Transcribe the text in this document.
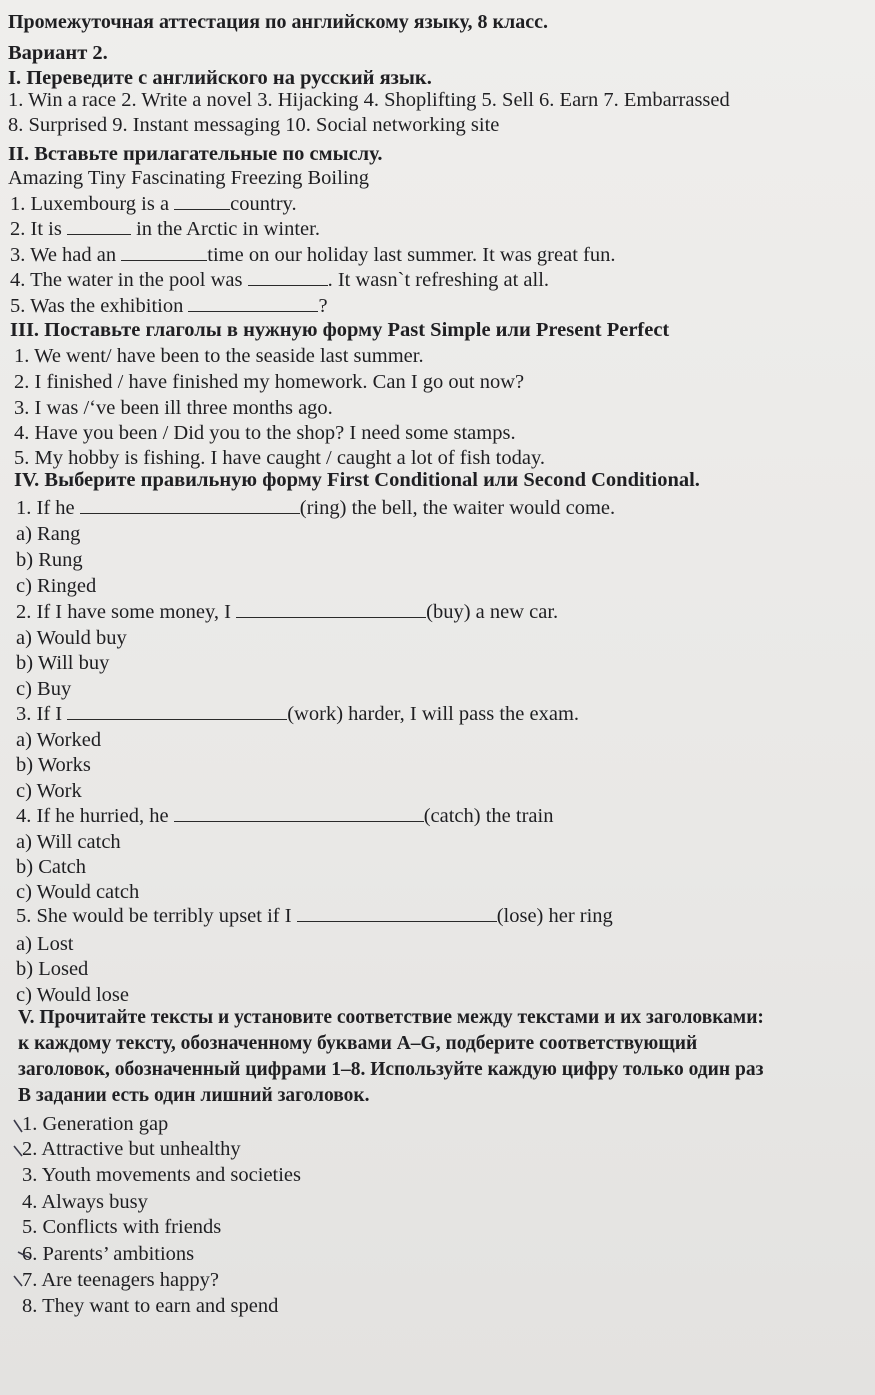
Промежуточная аттестация по английскому языку, 8 класс.
Вариант 2.
I. Переведите с английского на русский язык.
1. Win a race 2. Write a novel 3. Hijacking 4. Shoplifting 5. Sell 6. Earn 7. Embarrassed
8. Surprised 9. Instant messaging 10. Social networking site
II. Вставьте прилагательные по смыслу.
Amazing Tiny Fascinating Freezing Boiling
1. Luxembourg is a	country.
2. It is	in the Arctic in winter.
3. We had an	time on our holiday last summer. It was great fun.
4. The water in the pool was	. It wasn`t refreshing at all.
5. Was the exhibition	?
III. Поставьте глаголы в нужную форму Past Simple или Present Perfect
1. We went/ have been to the seaside last summer.
2. I finished / have finished my homework. Can I go out now?
3. I was /‘ve been ill three months ago.
4. Have you been / Did you to the shop? I need some stamps.
5. My hobby is fishing. I have caught / caught a lot of fish today.
IV. Выберите правильную форму First Conditional или Second Conditional.
1. If he	(ring) the bell, the waiter would come.
a) Rang
b) Rung
c) Ringed
2. If I have some money, I	(buy) a new car.
a) Would buy
b) Will buy
c) Buy
3. If I	(work) harder, I will pass the exam.
a) Worked
b) Works
c) Work
4. If he hurried, he	(catch) the train
a) Will catch
b) Catch
c) Would catch
5. She would be terribly upset if I	(lose) her ring
a) Lost
b) Losed
c) Would lose
V. Прочитайте тексты и установите соответствие между текстами и их заголовками:
к каждому тексту, обозначенному буквами A–G, подберите соответствующий
заголовок, обозначенный цифрами 1–8. Используйте каждую цифру только один раз
В задании есть один лишний заголовок.
1. Generation gap
2. Attractive but unhealthy
3. Youth movements and societies
4. Always busy
5. Conflicts with friends
6. Parents’ ambitions
7. Are teenagers happy?
8. They want to earn and spend
